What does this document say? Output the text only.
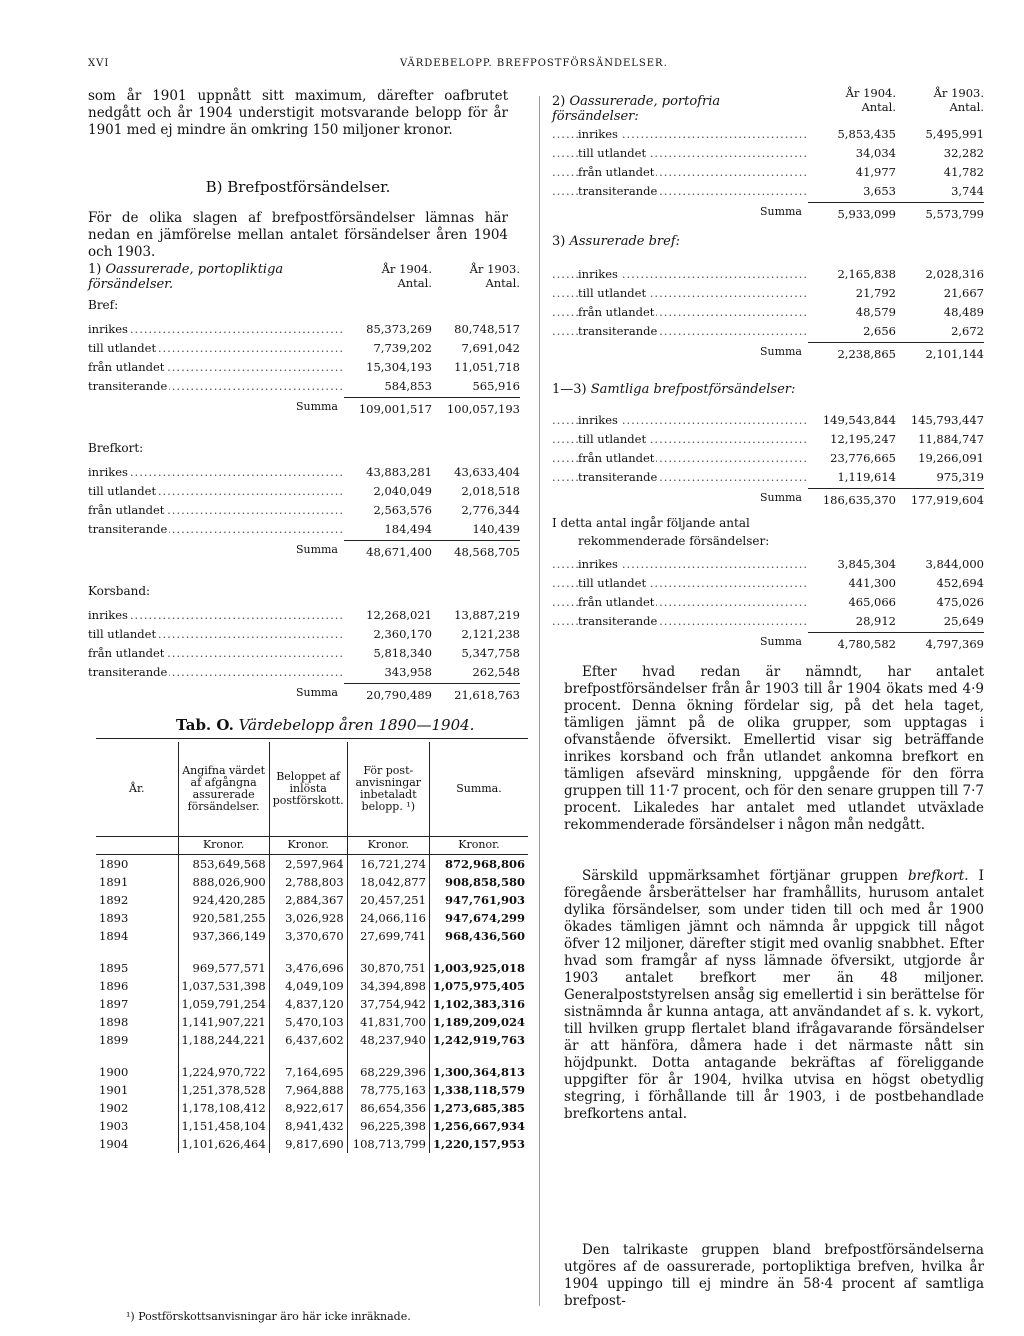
XVI	VÄRDEBELOPP. BREFPOSTFÖRSÄNDELSER.
som år 1901 uppnått sitt maximum, därefter oafbrutet nedgått och år 1904 understigit motsvarande belopp för år 1901 med ej mindre än omkring 150 miljoner kronor.
B) Brefpostförsändelser.
För de olika slagen af brefpostförsändelser lämnas här nedan en jämförelse mellan antalet försändelser åren 1904 och 1903.
1) Oassurerade, portopliktiga försändelser.
År 1904.
Antal.
År 1903.
Antal.
Bref:
inrikes .....	85,373,269	80,748,517
till utlandet .....	7,739,202	7,691,042
från utlandet .....	15,304,193	11,051,718
transiterande .....	584,853	565,916
Summa	109,001,517	100,057,193
Brefkort:
inrikes .....	43,883,281	43,633,404
till utlandet .....	2,040,049	2,018,518
från utlandet .....	2,563,576	2,776,344
transiterande .....	184,494	140,439
Summa	48,671,400	48,568,705
Korsband:
inrikes .....	12,268,021	13,887,219
till utlandet .....	2,360,170	2,121,238
från utlandet .....	5,818,340	5,347,758
transiterande .....	343,958	262,548
Summa	20,790,489	21,618,763
Tab. O. Värdebelopp åren 1890—1904.
År.	Angifna värdet af afgångna assurerade försändelser.	Beloppet af inlösta postförskott.	För postanvisningar inbetaladt belopp. ¹)	Summa.
	Kronor.	Kronor.	Kronor.	Kronor.
1890	853,649,568	2,597,964	16,721,274	872,968,806
1891	888,026,900	2,788,803	18,042,877	908,858,580
1892	924,420,285	2,884,367	20,457,251	947,761,903
1893	920,581,255	3,026,928	24,066,116	947,674,299
1894	937,366,149	3,370,670	27,699,741	968,436,560

1895	969,577,571	3,476,696	30,870,751	1,003,925,018
1896	1,037,531,398	4,049,109	34,394,898	1,075,975,405
1897	1,059,791,254	4,837,120	37,754,942	1,102,383,316
1898	1,141,907,221	5,470,103	41,831,700	1,189,209,024
1899	1,188,244,221	6,437,602	48,237,940	1,242,919,763

1900	1,224,970,722	7,164,695	68,229,396	1,300,364,813
1901	1,251,378,528	7,964,888	78,775,163	1,338,118,579
1902	1,178,108,412	8,922,617	86,654,356	1,273,685,385
1903	1,151,458,104	8,941,432	96,225,398	1,256,667,934
1904	1,101,626,464	9,817,690	108,713,799	1,220,157,953
¹) Postförskottsanvisningar äro här icke inräknade.
2) Oassurerade, portofria försändelser:
År 1904.
Antal.
År 1903.
Antal.
inrikes .....	5,853,435	5,495,991
till utlandet .....	34,034	32,282
från utlandet .....	41,977	41,782
transiterande .....	3,653	3,744
Summa	5,933,099	5,573,799
3) Assurerade bref:
inrikes .....	2,165,838	2,028,316
till utlandet .....	21,792	21,667
från utlandet .....	48,579	48,489
transiterande .....	2,656	2,672
Summa	2,238,865	2,101,144
1—3) Samtliga brefpostförsändelser:
inrikes .....	149,543,844	145,793,447
till utlandet .....	12,195,247	11,884,747
från utlandet .....	23,776,665	19,266,091
transiterande .....	1,119,614	975,319
Summa	186,635,370	177,919,604
I detta antal ingår följande antal
rekommenderade försändelser:
inrikes .....	3,845,304	3,844,000
till utlandet .....	441,300	452,694
från utlandet .....	465,066	475,026
transiterande .....	28,912	25,649
Summa	4,780,582	4,797,369
Efter hvad redan är nämndt, har antalet brefpostförsändelser från år 1903 till år 1904 ökats med 4·9 procent. Denna ökning fördelar sig, på det hela taget, tämligen jämnt på de olika grupper, som upptagas i ofvanstående öfversikt. Emellertid visar sig beträffande inrikes korsband och från utlandet ankomna brefkort en tämligen afsevärd minskning, uppgående för den förra gruppen till 11·7 procent, och för den senare gruppen till 7·7 procent. Likaledes har antalet med utlandet utväxlade rekommenderade försändelser i någon mån nedgått.
Särskild uppmärksamhet förtjänar gruppen brefkort. I föregående årsberättelser har framhållits, hurusom antalet dylika försändelser, som under tiden till och med år 1900 ökades tämligen jämnt och nämnda år uppgick till något öfver 12 miljoner, därefter stigit med ovanlig snabbhet. Efter hvad som framgår af nyss lämnade öfversikt, utgjorde år 1903 antalet brefkort mer än 48 miljoner. Generalpoststyrelsen ansåg sig emellertid i sin berättelse för sistnämnda år kunna antaga, att användandet af s. k. vykort, till hvilken grupp flertalet bland ifrågavarande försändelser är att hänföra, dåmera hade i det närmaste nått sin höjdpunkt. Dotta antagande bekräftas af föreliggande uppgifter för år 1904, hvilka utvisa en högst obetydlig stegring, i förhållande till år 1903, i de postbehandlade brefkortens antal.
Den talrikaste gruppen bland brefpostförsändelserna utgöres af de oassurerade, portopliktiga brefven, hvilka år 1904 uppingo till ej mindre än 58·4 procent af samtliga brefpost-
